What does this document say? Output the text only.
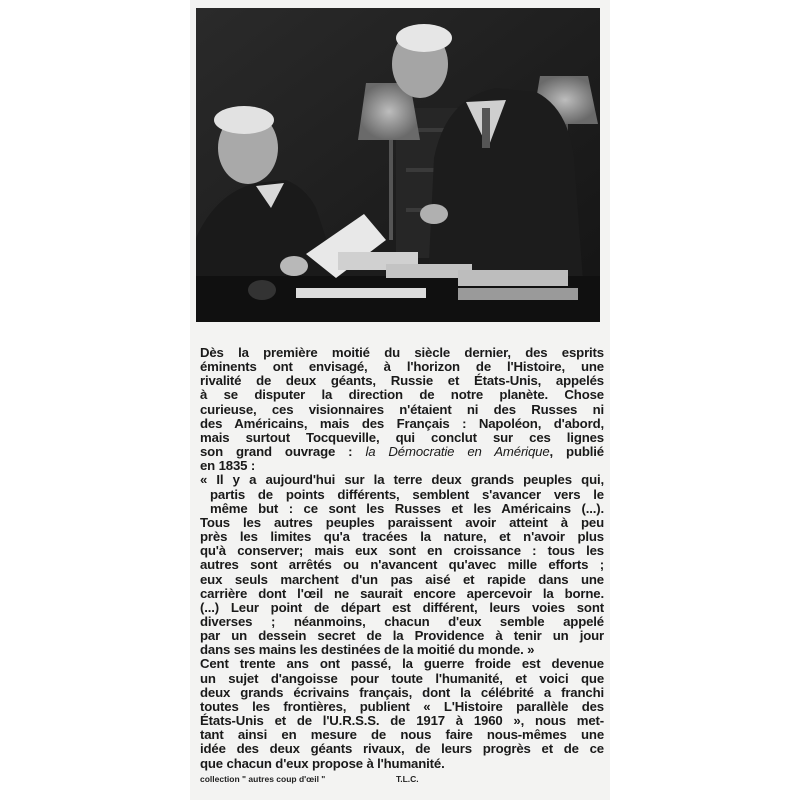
Dès la première moitié du siècle dernier, des esprits
éminents ont envisagé, à l'horizon de l'Histoire, une
rivalité de deux géants, Russie et États-Unis, appelés
à se disputer la direction de notre planète. Chose
curieuse, ces visionnaires n'étaient ni des Russes ni
des Américains, mais des Français : Napoléon, d'abord,
mais surtout Tocqueville, qui conclut sur ces lignes
son grand ouvrage : la Démocratie en Amérique, publié
en 1835 :

« Il y a aujourd'hui sur la terre deux grands peuples qui,
partis de points différents, semblent s'avancer vers le
même but : ce sont les Russes et les Américains (...).
Tous les autres peuples paraissent avoir atteint à peu
près les limites qu'a tracées la nature, et n'avoir plus
qu'à conserver; mais eux sont en croissance : tous les
autres sont arrêtés ou n'avancent qu'avec mille efforts ;
eux seuls marchent d'un pas aisé et rapide dans une
carrière dont l'œil ne saurait encore apercevoir la borne.
(...) Leur point de départ est différent, leurs voies sont
diverses ; néanmoins, chacun d'eux semble appelé
par un dessein secret de la Providence à tenir un jour
dans ses mains les destinées de la moitié du monde. »

Cent trente ans ont passé, la guerre froide est devenue
un sujet d'angoisse pour toute l'humanité, et voici que
deux grands écrivains français, dont la célébrité a franchi
toutes les frontières, publient « L'Histoire parallèle des
États-Unis et de l'U.R.S.S. de 1917 à 1960 », nous met-
tant ainsi en mesure de nous faire nous-mêmes une
idée des deux géants rivaux, de leurs progrès et de ce
que chacun d'eux propose à l'humanité.

collection " autres coup d'œil "	T.L.C.
